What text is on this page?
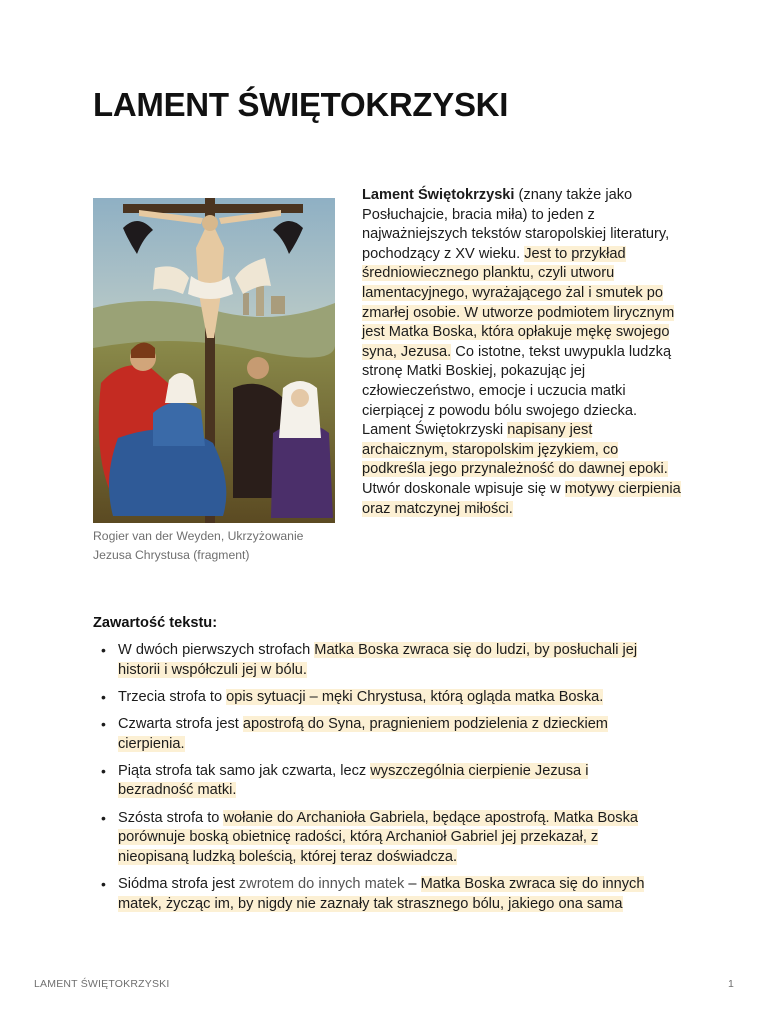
LAMENT ŚWIĘTOKRZYSKI

Rogier van der Weyden, Ukrzyżowanie Jezusa Chrystusa (fragment)

Lament Świętokrzyski (znany także jako Posłuchajcie, bracia miła) to jeden z najważniejszych tekstów staropolskiej literatury, pochodzący z XV wieku. Jest to przykład średniowiecznego planktu, czyli utworu lamentacyjnego, wyrażającego żal i smutek po zmarłej osobie. W utworze podmiotem lirycznym jest Matka Boska, która opłakuje mękę swojego syna, Jezusa. Co istotne, tekst uwypukla ludzką stronę Matki Boskiej, pokazując jej człowieczeństwo, emocje i uczucia matki cierpiącej z powodu bólu swojego dziecka. Lament Świętokrzyski napisany jest archaicznym, staropolskim językiem, co podkreśla jego przynależność do dawnej epoki. Utwór doskonale wpisuje się w motywy cierpienia oraz matczynej miłości.

Zawartość tekstu:
• W dwóch pierwszych strofach Matka Boska zwraca się do ludzi, by posłuchali jej historii i współczuli jej w bólu.
• Trzecia strofa to opis sytuacji – męki Chrystusa, którą ogląda matka Boska.
• Czwarta strofa jest apostrofą do Syna, pragnieniem podzielenia z dzieckiem cierpienia.
• Piąta strofa tak samo jak czwarta, lecz wyszczególnia cierpienie Jezusa i bezradność matki.
• Szósta strofa to wołanie do Archanioła Gabriela, będące apostrofą. Matka Boska porównuje boską obietnicę radości, którą Archanioł Gabriel jej przekazał, z nieopisaną ludzką boleścią, której teraz doświadcza.
• Siódma strofa jest zwrotem do innych matek – Matka Boska zwraca się do innych matek, życząc im, by nigdy nie zaznały tak strasznego bólu, jakiego ona sama

LAMENT ŚWIĘTOKRZYSKI	1
